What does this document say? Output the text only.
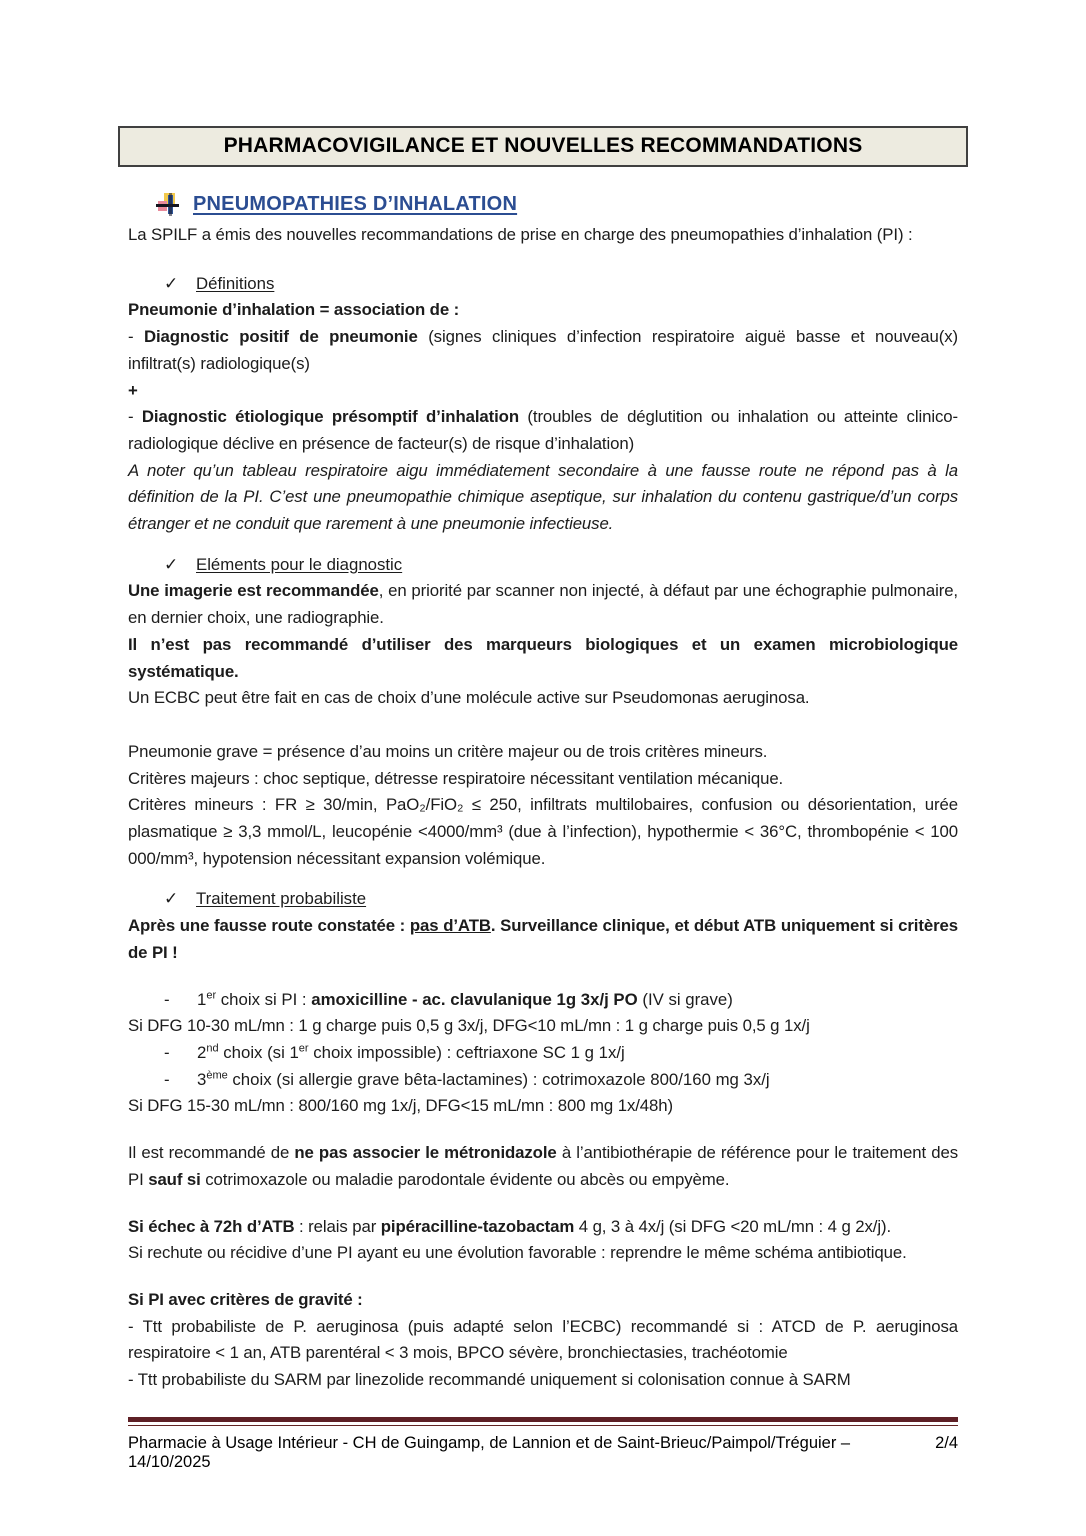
PHARMACOVIGILANCE ET NOUVELLES RECOMMANDATIONS
PNEUMOPATHIES D’INHALATION

La SPILF a émis des nouvelles recommandations de prise en charge des pneumopathies d’inhalation (PI) :

✓	Définitions

Pneumonie d’inhalation = association de :

- Diagnostic positif de pneumonie (signes cliniques d’infection respiratoire aiguë basse et nouveau(x) infiltrat(s) radiologique(s)

+

- Diagnostic étiologique présomptif d’inhalation (troubles de déglutition ou inhalation ou atteinte clinico-radiologique déclive en présence de facteur(s) de risque d’inhalation)

A noter qu’un tableau respiratoire aigu immédiatement secondaire à une fausse route ne répond pas à la définition de la PI. C’est une pneumopathie chimique aseptique, sur inhalation du contenu gastrique/d’un corps étranger et ne conduit que rarement à une pneumonie infectieuse.

✓	Eléments pour le diagnostic

Une imagerie est recommandée, en priorité par scanner non injecté, à défaut par une échographie pulmonaire, en dernier choix, une radiographie.

Il n’est pas recommandé d’utiliser des marqueurs biologiques et un examen microbiologique systématique.

Un ECBC peut être fait en cas de choix d’une molécule active sur Pseudomonas aeruginosa.

Pneumonie grave = présence d’au moins un critère majeur ou de trois critères mineurs.

Critères majeurs : choc septique, détresse respiratoire nécessitant ventilation mécanique.

Critères mineurs : FR ≥ 30/min, PaO₂/FiO₂ ≤ 250, infiltrats multilobaires, confusion ou désorientation, urée plasmatique ≥ 3,3 mmol/L, leucopénie <4000/mm³ (due à l’infection), hypothermie < 36°C, thrombopénie < 100 000/mm³, hypotension nécessitant expansion volémique.

✓	Traitement probabiliste

Après une fausse route constatée : pas d’ATB. Surveillance clinique, et début ATB uniquement si critères de PI !

-	1er choix si PI : amoxicilline - ac. clavulanique 1g 3x/j PO (IV si grave)

Si DFG 10-30 mL/mn : 1 g charge puis 0,5 g 3x/j, DFG<10 mL/mn : 1 g charge puis 0,5 g 1x/j

-	2nd choix (si 1er choix impossible) : ceftriaxone SC 1 g 1x/j
-	3ème choix (si allergie grave bêta-lactamines) : cotrimoxazole 800/160 mg 3x/j

Si DFG 15-30 mL/mn : 800/160 mg 1x/j, DFG<15 mL/mn : 800 mg 1x/48h)

Il est recommandé de ne pas associer le métronidazole à l’antibiothérapie de référence pour le traitement des PI sauf si cotrimoxazole ou maladie parodontale évidente ou abcès ou empyème.

Si échec à 72h d’ATB : relais par pipéracilline-tazobactam 4 g, 3 à 4x/j (si DFG <20 mL/mn : 4 g 2x/j).

Si rechute ou récidive d’une PI ayant eu une évolution favorable : reprendre le même schéma antibiotique.

Si PI avec critères de gravité :

- Ttt probabiliste de P. aeruginosa (puis adapté selon l’ECBC) recommandé si : ATCD de P. aeruginosa respiratoire < 1 an, ATB parentéral < 3 mois, BPCO sévère, bronchiectasies, trachéotomie

- Ttt probabiliste du SARM par linezolide recommandé uniquement si colonisation connue à SARM

Pharmacie à Usage Intérieur - CH de Guingamp, de Lannion et de Saint-Brieuc/Paimpol/Tréguier – 14/10/2025
2/4
